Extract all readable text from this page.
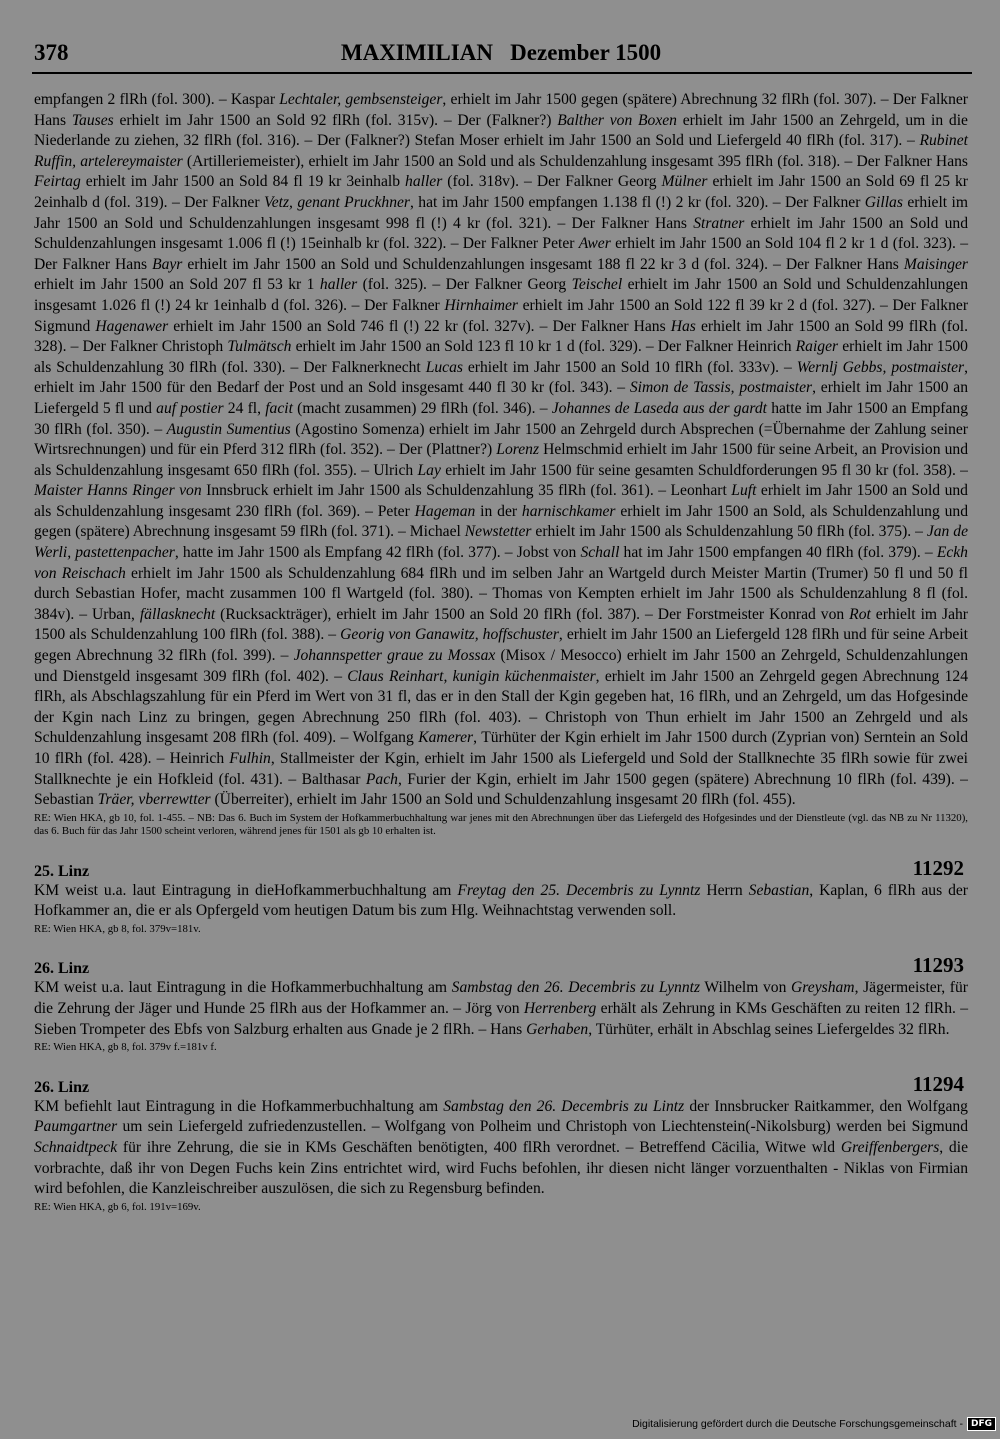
378	MAXIMILIAN   Dezember 1500

empfangen 2 flRh (fol. 300). – Kaspar Lechtaler, gembsensteiger, erhielt im Jahr 1500 gegen (spätere) Abrechnung 32 flRh (fol. 307). – Der Falkner Hans Tauses erhielt im Jahr 1500 an Sold 92 flRh (fol. 315v). – Der (Falkner?) Balther von Boxen erhielt im Jahr 1500 an Zehrgeld, um in die Niederlande zu ziehen, 32 flRh (fol. 316). – Der (Falkner?) Stefan Moser erhielt im Jahr 1500 an Sold und Liefergeld 40 flRh (fol. 317). – Rubinet Ruffin, artelereymaister (Artilleriemeister), erhielt im Jahr 1500 an Sold und als Schuldenzahlung insgesamt 395 flRh (fol. 318). – Der Falkner Hans Feirtag erhielt im Jahr 1500 an Sold 84 fl 19 kr 3einhalb haller (fol. 318v). – Der Falkner Georg Mülner erhielt im Jahr 1500 an Sold 69 fl 25 kr 2einhalb d (fol. 319). – Der Falkner Vetz, genant Pruckhner, hat im Jahr 1500 empfangen 1.138 fl (!) 2 kr (fol. 320). – Der Falkner Gillas erhielt im Jahr 1500 an Sold und Schuldenzahlungen insgesamt 998 fl (!) 4 kr (fol. 321). – Der Falkner Hans Stratner erhielt im Jahr 1500 an Sold und Schuldenzahlungen insgesamt 1.006 fl (!) 15einhalb kr (fol. 322). – Der Falkner Peter Awer erhielt im Jahr 1500 an Sold 104 fl 2 kr 1 d (fol. 323). – Der Falkner Hans Bayr erhielt im Jahr 1500 an Sold und Schuldenzahlungen insgesamt 188 fl 22 kr 3 d (fol. 324). – Der Falkner Hans Maisinger erhielt im Jahr 1500 an Sold 207 fl 53 kr 1 haller (fol. 325). – Der Falkner Georg Teischel erhielt im Jahr 1500 an Sold und Schuldenzahlungen insgesamt 1.026 fl (!) 24 kr 1einhalb d (fol. 326). – Der Falkner Hirnhaimer erhielt im Jahr 1500 an Sold 122 fl 39 kr 2 d (fol. 327). – Der Falkner Sigmund Hagenawer erhielt im Jahr 1500 an Sold 746 fl (!) 22 kr (fol. 327v). – Der Falkner Hans Has erhielt im Jahr 1500 an Sold 99 flRh (fol. 328). – Der Falkner Christoph Tulmätsch erhielt im Jahr 1500 an Sold 123 fl 10 kr 1 d (fol. 329). – Der Falkner Heinrich Raiger erhielt im Jahr 1500 als Schuldenzahlung 30 flRh (fol. 330). – Der Falknerknecht Lucas erhielt im Jahr 1500 an Sold 10 flRh (fol. 333v). – Wernlj Gebbs, postmaister, erhielt im Jahr 1500 für den Bedarf der Post und an Sold insgesamt 440 fl 30 kr (fol. 343). – Simon de Tassis, postmaister, erhielt im Jahr 1500 an Liefergeld 5 fl und auf postier 24 fl, facit (macht zusammen) 29 flRh (fol. 346). – Johannes de Laseda aus der gardt hatte im Jahr 1500 an Empfang 30 flRh (fol. 350). – Augustin Sumentius (Agostino Somenza) erhielt im Jahr 1500 an Zehrgeld durch Absprechen (=Übernahme der Zahlung seiner Wirtsrechnungen) und für ein Pferd 312 flRh (fol. 352). – Der (Plattner?) Lorenz Helmschmid erhielt im Jahr 1500 für seine Arbeit, an Provision und als Schuldenzahlung insgesamt 650 flRh (fol. 355). – Ulrich Lay erhielt im Jahr 1500 für seine gesamten Schuldforderungen 95 fl 30 kr (fol. 358). – Maister Hanns Ringer von Innsbruck erhielt im Jahr 1500 als Schuldenzahlung 35 flRh (fol. 361). – Leonhart Luft erhielt im Jahr 1500 an Sold und als Schuldenzahlung insgesamt 230 flRh (fol. 369). – Peter Hageman in der harnischkamer erhielt im Jahr 1500 an Sold, als Schuldenzahlung und gegen (spätere) Abrechnung insgesamt 59 flRh (fol. 371). – Michael Newstetter erhielt im Jahr 1500 als Schuldenzahlung 50 flRh (fol. 375). – Jan de Werli, pastettenpacher, hatte im Jahr 1500 als Empfang 42 flRh (fol. 377). – Jobst von Schall hat im Jahr 1500 empfangen 40 flRh (fol. 379). – Eckh von Reischach erhielt im Jahr 1500 als Schuldenzahlung 684 flRh und im selben Jahr an Wartgeld durch Meister Martin (Trumer) 50 fl und 50 fl durch Sebastian Hofer, macht zusammen 100 fl Wartgeld (fol. 380). – Thomas von Kempten erhielt im Jahr 1500 als Schuldenzahlung 8 fl (fol. 384v). – Urban, fällasknecht (Rucksackträger), erhielt im Jahr 1500 an Sold 20 flRh (fol. 387). – Der Forstmeister Konrad von Rot erhielt im Jahr 1500 als Schuldenzahlung 100 flRh (fol. 388). – Georig von Ganawitz, hoffschuster, erhielt im Jahr 1500 an Liefergeld 128 flRh und für seine Arbeit gegen Abrechnung 32 flRh (fol. 399). – Johannspetter graue zu Mossax (Misox / Mesocco) erhielt im Jahr 1500 an Zehrgeld, Schuldenzahlungen und Dienstgeld insgesamt 309 flRh (fol. 402). – Claus Reinhart, kunigin küchenmaister, erhielt im Jahr 1500 an Zehrgeld gegen Abrechnung 124 flRh, als Abschlagszahlung für ein Pferd im Wert von 31 fl, das er in den Stall der Kgin gegeben hat, 16 flRh, und an Zehrgeld, um das Hofgesinde der Kgin nach Linz zu bringen, gegen Abrechnung 250 flRh (fol. 403). – Christoph von Thun erhielt im Jahr 1500 an Zehrgeld und als Schuldenzahlung insgesamt 208 flRh (fol. 409). – Wolfgang Kamerer, Türhüter der Kgin erhielt im Jahr 1500 durch (Zyprian von) Serntein an Sold 10 flRh (fol. 428). – Heinrich Fulhin, Stallmeister der Kgin, erhielt im Jahr 1500 als Liefergeld und Sold der Stallknechte 35 flRh sowie für zwei Stallknechte je ein Hofkleid (fol. 431). – Balthasar Pach, Furier der Kgin, erhielt im Jahr 1500 gegen (spätere) Abrechnung 10 flRh (fol. 439). – Sebastian Träer, vberrewtter (Überreiter), erhielt im Jahr 1500 an Sold und Schuldenzahlung insgesamt 20 flRh (fol. 455).

RE: Wien HKA, gb 10, fol. 1-455. – NB: Das 6. Buch im System der Hofkammerbuchhaltung war jenes mit den Abrechnungen über das Liefergeld des Hofgesindes und der Dienstleute (vgl. das NB zu Nr 11320), das 6. Buch für das Jahr 1500 scheint verloren, während jenes für 1501 als gb 10 erhalten ist.

25. Linz	11292

KM weist u.a. laut Eintragung in dieHofkammerbuchhaltung am Freytag den 25. Decembris zu Lynntz Herrn Sebastian, Kaplan, 6 flRh aus der Hofkammer an, die er als Opfergeld vom heutigen Datum bis zum Hlg. Weihnachtstag verwenden soll.

RE: Wien HKA, gb 8, fol. 379v=181v.

26. Linz	11293

KM weist u.a. laut Eintragung in die Hofkammerbuchhaltung am Sambstag den 26. Decembris zu Lynntz Wilhelm von Greysham, Jägermeister, für die Zehrung der Jäger und Hunde 25 flRh aus der Hofkammer an. – Jörg von Herrenberg erhält als Zehrung in KMs Geschäften zu reiten 12 flRh. – Sieben Trompeter des Ebfs von Salzburg erhalten aus Gnade je 2 flRh. – Hans Gerhaben, Türhüter, erhält in Abschlag seines Liefergeldes 32 flRh.

RE: Wien HKA, gb 8, fol. 379v f.=181v f.

26. Linz	11294

KM befiehlt laut Eintragung in die Hofkammerbuchhaltung am Sambstag den 26. Decembris zu Lintz der Innsbrucker Raitkammer, den Wolfgang Paumgartner um sein Liefergeld zufriedenzustellen. – Wolfgang von Polheim und Christoph von Liechtenstein(-Nikolsburg) werden bei Sigmund Schnaidtpeck für ihre Zehrung, die sie in KMs Geschäften benötigten, 400 flRh verordnet. – Betreffend Cäcilia, Witwe wld Greiffenbergers, die vorbrachte, daß ihr von Degen Fuchs kein Zins entrichtet wird, wird Fuchs befohlen, ihr diesen nicht länger vorzuenthalten - Niklas von Firmian wird befohlen, die Kanzleischreiber auszulösen, die sich zu Regensburg befinden.

RE: Wien HKA, gb 6, fol. 191v=169v.

Digitalisierung gefördert durch die Deutsche Forschungsgemeinschaft - DFG
